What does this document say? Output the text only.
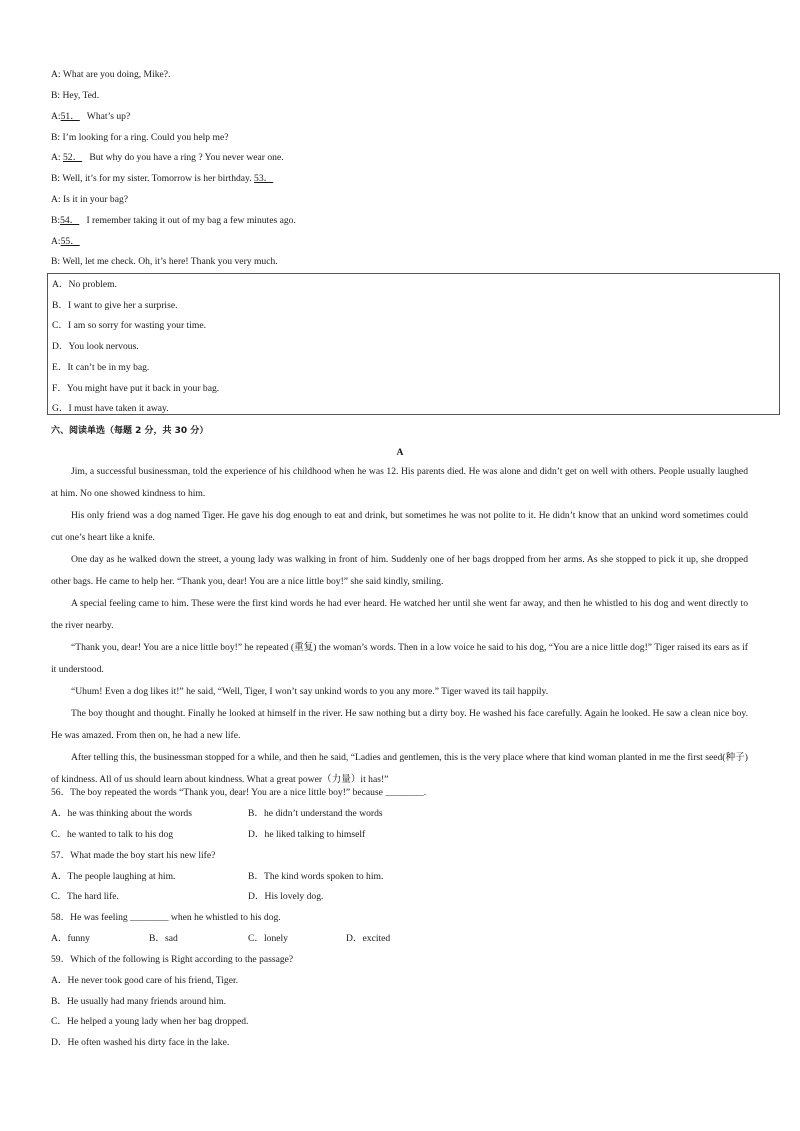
A: What are you doing, Mike?.
B: Hey, Ted.
A:51．   What’s up?
B: I’m looking for a ring. Could you help me?
A: 52．   But why do you have a ring ? You never wear one.
B: Well, it’s for my sister. Tomorrow is her birthday. 53．
A: Is it in your bag?
B:54．   I remember taking it out of my bag a few minutes ago.
A:55．
B: Well, let me check. Oh, it’s here! Thank you very much.
A．No problem.
B．I want to give her a surprise.
C．I am so sorry for wasting your time.
D．You look nervous.
E．It can’t be in my bag.
F．You might have put it back in your bag.
G．I must have taken it away.
六、阅读单选（每题 2 分，共 30 分）
A

Jim, a successful businessman, told the experience of his childhood when he was 12. His parents died. He was alone and didn’t get on well with others. People usually laughed at him. No one showed kindness to him.

His only friend was a dog named Tiger. He gave his dog enough to eat and drink, but sometimes he was not polite to it. He didn’t know that an unkind word sometimes could cut one’s heart like a knife.

One day as he walked down the street, a young lady was walking in front of him. Suddenly one of her bags dropped from her arms. As she stopped to pick it up, she dropped other bags. He came to help her. “Thank you, dear! You are a nice little boy!” she said kindly, smiling.

A special feeling came to him. These were the first kind words he had ever heard. He watched her until she went far away, and then he whistled to his dog and went directly to the river nearby.

“Thank you, dear! You are a nice little boy!” he repeated (重复) the woman’s words. Then in a low voice he said to his dog, “You are a nice little dog!” Tiger raised its ears as if it understood.

“Uhum! Even a dog likes it!” he said, “Well, Tiger, I won’t say unkind words to you any more.” Tiger waved its tail happily.

The boy thought and thought. Finally he looked at himself in the river. He saw nothing but a dirty boy. He washed his face carefully. Again he looked. He saw a clean nice boy. He was amazed. From then on, he had a new life.

After telling this, the businessman stopped for a while, and then he said, “Ladies and gentlemen, this is the very place where that kind woman planted in me the first seed(种子) of kindness. All of us should learn about kindness. What a great power（力量）it has!”

56．The boy repeated the words “Thank you, dear! You are a nice little boy!” because ________.
A．he was thinking about the words	B．he didn’t understand the words
C．he wanted to talk to his dog	D．he liked talking to himself
57．What made the boy start his new life?
A．The people laughing at him.	B．The kind words spoken to him.
C．The hard life.	D．His lovely dog.
58．He was feeling ________ when he whistled to his dog.
A．funny	B．sad	C．lonely	D．excited
59．Which of the following is Right according to the passage?
A．He never took good care of his friend, Tiger.
B．He usually had many friends around him.
C．He helped a young lady when her bag dropped.
D．He often washed his dirty face in the lake.
